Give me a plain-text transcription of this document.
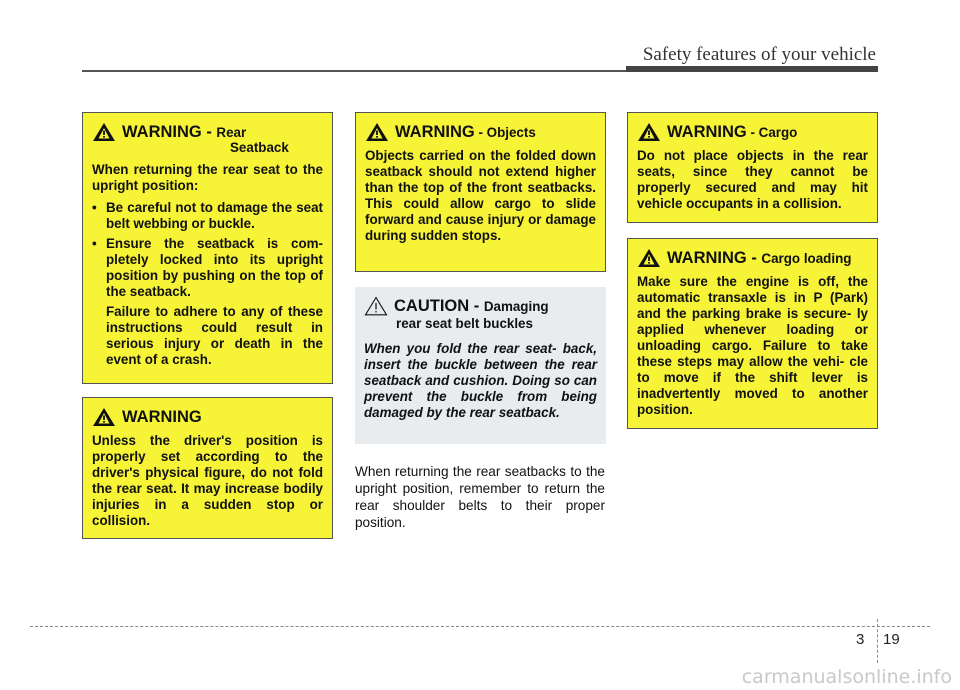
Safety features of your vehicle
WARNING - Rear
Seatback
When returning the rear seat to the upright position:
• Be careful not to damage the seat belt webbing or buckle.
• Ensure the seatback is com- pletely locked into its upright position by pushing on the top of the seatback.
Failure to adhere to any of these instructions could result in serious injury or death in the event of a crash.
WARNING
Unless the driver's position is properly set according to the driver's physical figure, do not fold the rear seat. It may increase bodily injuries in a sudden stop or collision.
WARNING - Objects
Objects carried on the folded down seatback should not extend higher than the top of the front seatbacks. This could allow cargo to slide forward and cause injury or damage during sudden stops.
CAUTION - Damaging
rear seat belt buckles
When you fold the rear seat- back, insert the buckle between the rear seatback and cushion. Doing so can prevent the buckle from being damaged by the rear seatback.
When returning the rear seatbacks to the upright position, remember to return the rear shoulder belts to their proper position.
WARNING - Cargo
Do not place objects in the rear seats, since they cannot be properly secured and may hit vehicle occupants in a collision.
WARNING - Cargo loading
Make sure the engine is off, the automatic transaxle is in P (Park) and the parking brake is secure- ly applied whenever loading or unloading cargo. Failure to take these steps may allow the vehi- cle to move if the shift lever is inadvertently moved to another position.
3 19
carmanualsonline.info
